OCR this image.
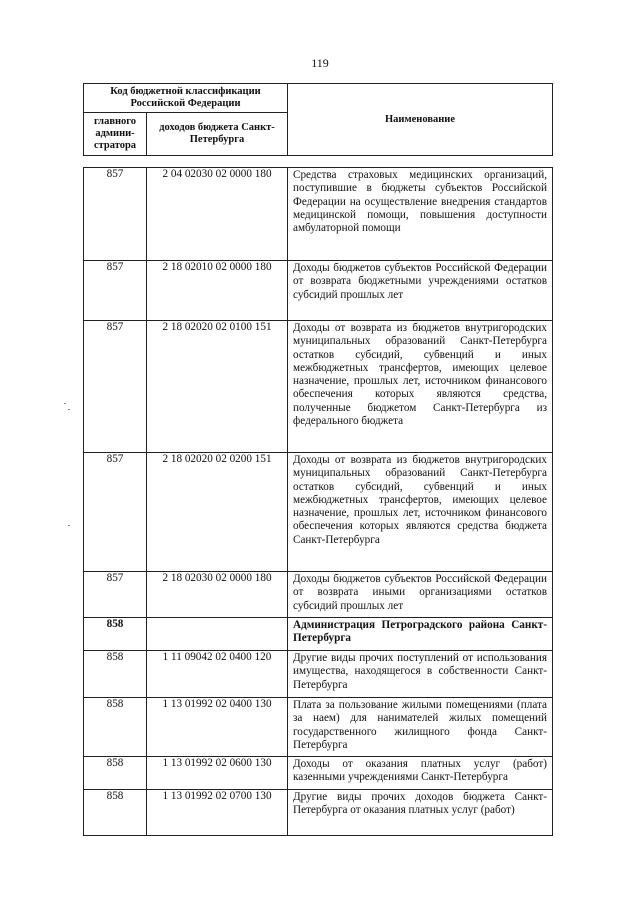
119
Код бюджетной классификации Российской Федерации		Наименование
главного админи-стратора	доходов бюджета Санкт-Петербурга	
857	2 04 02030 02 0000 180	Средства страховых медицинских организаций, поступившие в бюджеты субъектов Российской Федерации на осуществление внедрения стандартов медицинской помощи, повышения доступности амбулаторной помощи
857	2 18 02010 02 0000 180	Доходы бюджетов субъектов Российской Федерации от возврата бюджетными учреждениями остатков субсидий прошлых лет
857	2 18 02020 02 0100 151	Доходы от возврата из бюджетов внутригородских муниципальных образований Санкт-Петербурга остатков субсидий, субвенций и иных межбюджетных трансфертов, имеющих целевое назначение, прошлых лет, источником финансового обеспечения которых являются средства, полученные бюджетом Санкт-Петербурга из федерального бюджета
857	2 18 02020 02 0200 151	Доходы от возврата из бюджетов внутригородских муниципальных образований Санкт-Петербурга остатков субсидий, субвенций и иных межбюджетных трансфертов, имеющих целевое назначение, прошлых лет, источником финансового обеспечения которых являются средства бюджета Санкт-Петербурга
857	2 18 02030 02 0000 180	Доходы бюджетов субъектов Российской Федерации от возврата иными организациями остатков субсидий прошлых лет
858		Администрация Петроградского района Санкт-Петербурга
858	1 11 09042 02 0400 120	Другие виды прочих поступлений от использования имущества, находящегося в собственности Санкт-Петербурга
858	1 13 01992 02 0400 130	Плата за пользование жилыми помещениями (плата за наем) для нанимателей жилых помещений государственного жилищного фонда Санкт-Петербурга
858	1 13 01992 02 0600 130	Доходы от оказания платных услуг (работ) казенными учреждениями Санкт-Петербурга
858	1 13 01992 02 0700 130	Другие виды прочих доходов бюджета Санкт-Петербурга от оказания платных услуг (работ)
